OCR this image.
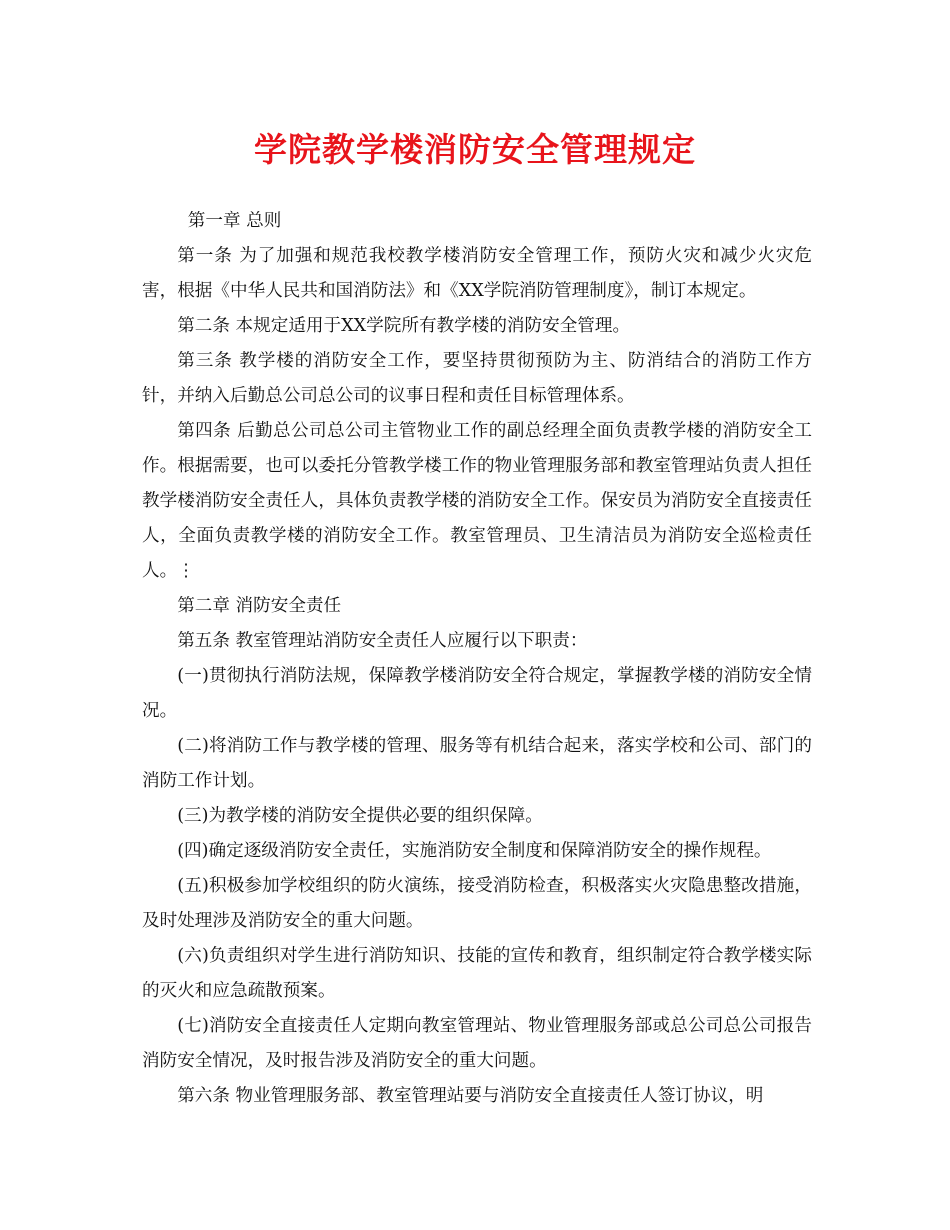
学院教学楼消防安全管理规定

第一章 总则

第一条 为了加强和规范我校教学楼消防安全管理工作，预防火灾和减少火灾危害，根据《中华人民共和国消防法》和《XX学院消防管理制度》，制订本规定。

第二条 本规定适用于XX学院所有教学楼的消防安全管理。

第三条 教学楼的消防安全工作，要坚持贯彻预防为主、防消结合的消防工作方针，并纳入后勤总公司总公司的议事日程和责任目标管理体系。

第四条 后勤总公司总公司主管物业工作的副总经理全面负责教学楼的消防安全工作。根据需要，也可以委托分管教学楼工作的物业管理服务部和教室管理站负责人担任教学楼消防安全责任人，具体负责教学楼的消防安全工作。保安员为消防安全直接责任人，全面负责教学楼的消防安全工作。教室管理员、卫生清洁员为消防安全巡检责任人。⋮

第二章 消防安全责任

第五条 教室管理站消防安全责任人应履行以下职责：

(一)贯彻执行消防法规，保障教学楼消防安全符合规定，掌握教学楼的消防安全情况。

(二)将消防工作与教学楼的管理、服务等有机结合起来，落实学校和公司、部门的消防工作计划。

(三)为教学楼的消防安全提供必要的组织保障。

(四)确定逐级消防安全责任，实施消防安全制度和保障消防安全的操作规程。

(五)积极参加学校组织的防火演练，接受消防检查，积极落实火灾隐患整改措施，及时处理涉及消防安全的重大问题。

(六)负责组织对学生进行消防知识、技能的宣传和教育，组织制定符合教学楼实际的灭火和应急疏散预案。

(七)消防安全直接责任人定期向教室管理站、物业管理服务部或总公司总公司报告消防安全情况，及时报告涉及消防安全的重大问题。

第六条 物业管理服务部、教室管理站要与消防安全直接责任人签订协议，明
